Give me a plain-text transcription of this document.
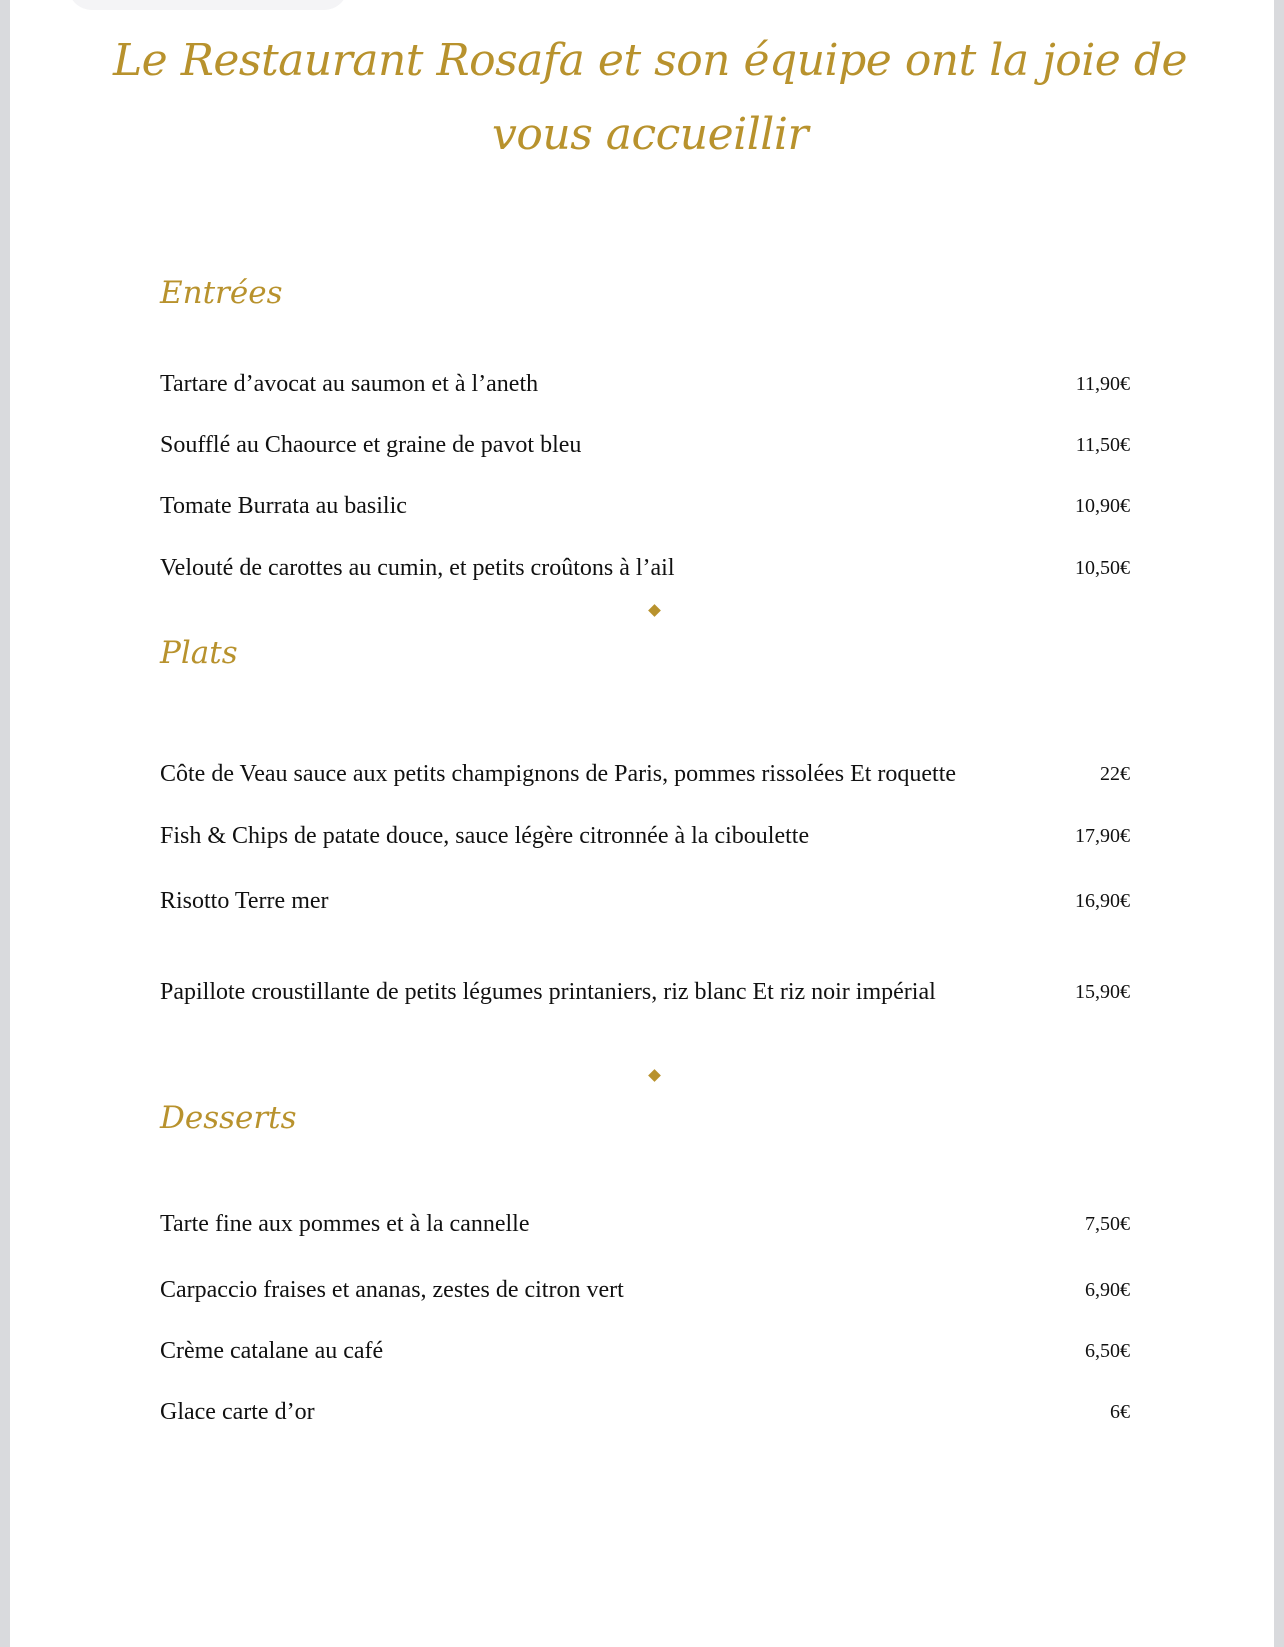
Le Restaurant Rosafa et son équipe ont la joie de vous accueillir
Entrées
Tartare d’avocat au saumon et à l’aneth	11,90€
Soufflé au Chaource et graine de pavot bleu	11,50€
Tomate Burrata au basilic	10,90€
Velouté de carottes au cumin, et petits croûtons à l’ail	10,50€
Plats
Côte de Veau sauce aux petits champignons de Paris, pommes rissolées Et roquette	22€
Fish & Chips de patate douce, sauce légère citronnée à la ciboulette	17,90€
Risotto Terre mer	16,90€
Papillote croustillante de petits légumes printaniers, riz blanc Et riz noir impérial	15,90€
Desserts
Tarte fine aux pommes et à la cannelle	7,50€
Carpaccio fraises et ananas, zestes de citron vert	6,90€
Crème catalane au café	6,50€
Glace carte d’or	6€
